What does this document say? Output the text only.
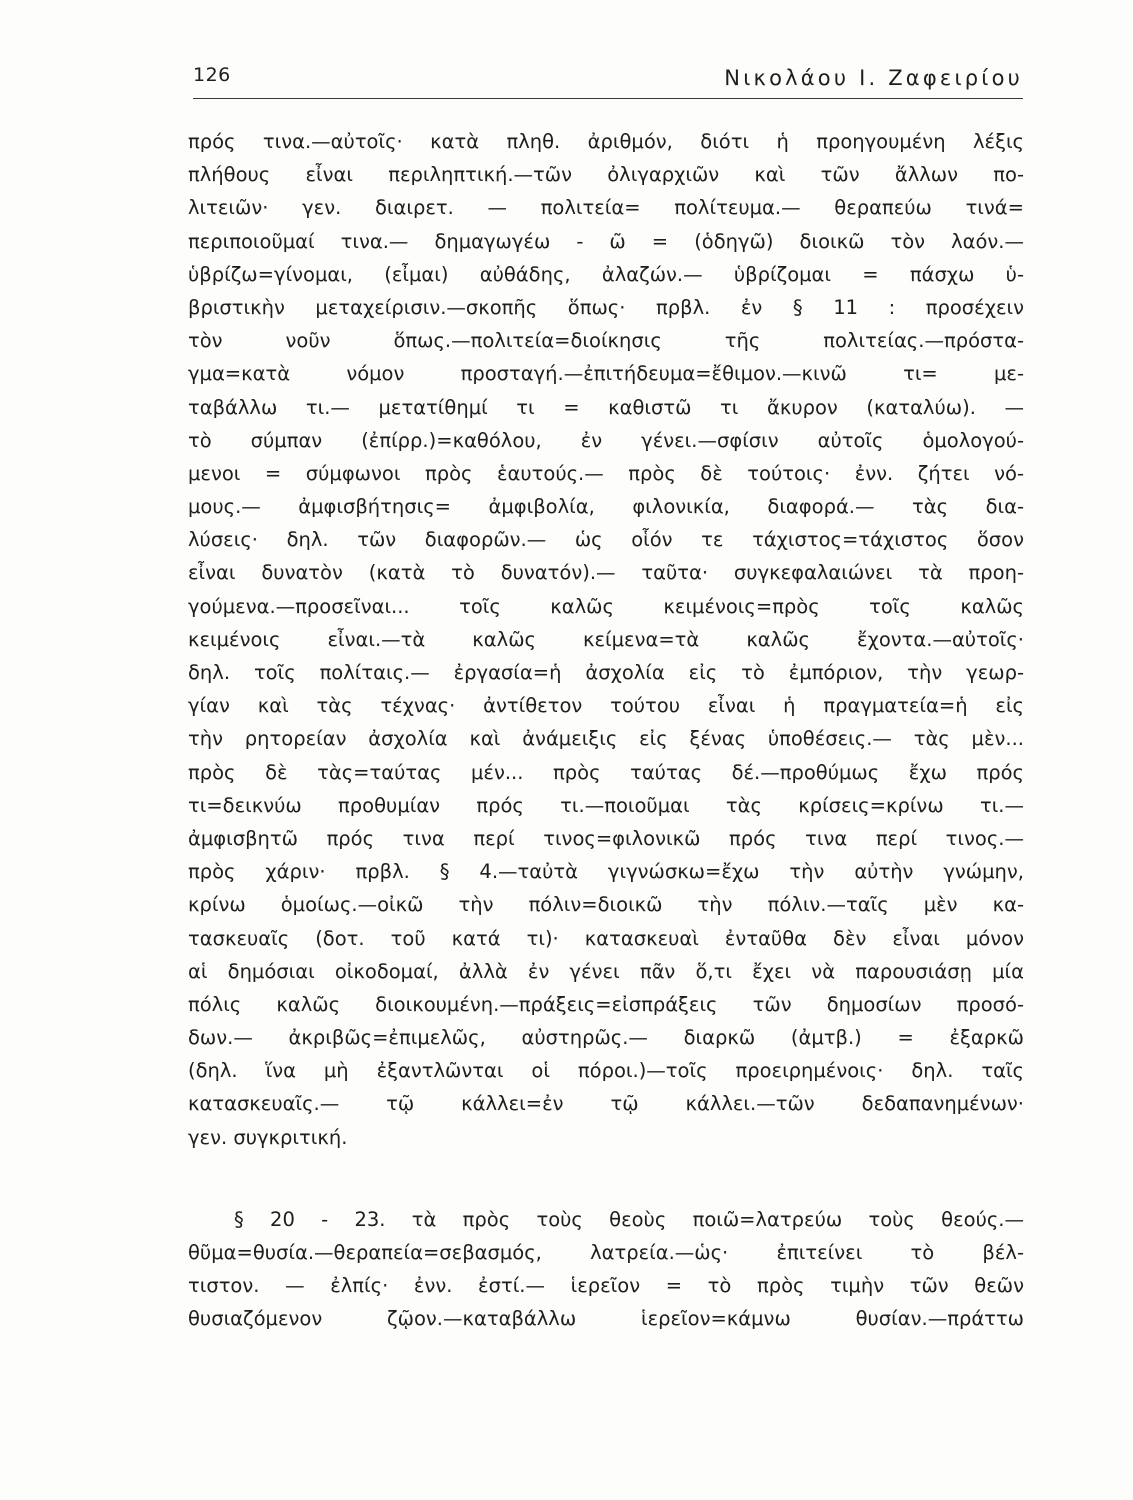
126	Νικολάου Ι. Ζαφειρίου
πρός τινα.—αὐτοῖς· κατὰ πληθ. ἀριθμόν, διότι ἡ προηγουμένη λέξις
πλήθους εἶναι περιληπτική.—τῶν ὀλιγαρχιῶν καὶ τῶν ἄλλων πο-
λιτειῶν· γεν. διαιρετ. — πολιτεία= πολίτευμα.— θεραπεύω τινά=
περιποιοῦμαί τινα.— δημαγωγέω - ῶ = (ὁδηγῶ) διοικῶ τὸν λαόν.—
ὑβρίζω=γίνομαι, (εἶμαι) αὐθάδης, ἀλαζών.— ὑβρίζομαι = πάσχω ὑ-
βριστικὴν μεταχείρισιν.—σκοπῆς ὅπως· πρβλ. ἐν § 11 : προσέχειν
τὸν νοῦν ὅπως.—πολιτεία=διοίκησις τῆς πολιτείας.—πρόστα-
γμα=κατὰ νόμον προσταγή.—ἐπιτήδευμα=ἔθιμον.—κινῶ τι= με-
ταβάλλω τι.— μετατίθημί τι = καθιστῶ τι ἄκυρον (καταλύω). —
τὸ σύμπαν (ἐπίρρ.)=καθόλου, ἐν γένει.—σφίσιν αὐτοῖς ὁμολογού-
μενοι = σύμφωνοι πρὸς ἑαυτούς.— πρὸς δὲ τούτοις· ἐνν. ζήτει νό-
μους.— ἀμφισβήτησις= ἀμφιβολία, φιλονικία, διαφορά.— τὰς δια-
λύσεις· δηλ. τῶν διαφορῶν.— ὡς οἷόν τε τάχιστος=τάχιστος ὅσον
εἶναι δυνατὸν (κατὰ τὸ δυνατόν).— ταῦτα· συγκεφαλαιώνει τὰ προη-
γούμενα.—προσεῖναι... τοῖς καλῶς κειμένοις=πρὸς τοῖς καλῶς
κειμένοις εἶναι.—τὰ καλῶς κείμενα=τὰ καλῶς ἔχοντα.—αὐτοῖς·
δηλ. τοῖς πολίταις.— ἐργασία=ἡ ἀσχολία εἰς τὸ ἐμπόριον, τὴν γεωρ-
γίαν καὶ τὰς τέχνας· ἀντίθετον τούτου εἶναι ἡ πραγματεία=ἡ εἰς
τὴν ρητορείαν ἀσχολία καὶ ἀνάμειξις εἰς ξένας ὑποθέσεις.— τὰς μὲν...
πρὸς δὲ τὰς=ταύτας μέν... πρὸς ταύτας δέ.—προθύμως ἔχω πρός
τι=δεικνύω προθυμίαν πρός τι.—ποιοῦμαι τὰς κρίσεις=κρίνω τι.—
ἀμφισβητῶ πρός τινα περί τινος=φιλονικῶ πρός τινα περί τινος.—
πρὸς χάριν· πρβλ. § 4.—ταὐτὰ γιγνώσκω=ἔχω τὴν αὐτὴν γνώμην,
κρίνω ὁμοίως.—οἰκῶ τὴν πόλιν=διοικῶ τὴν πόλιν.—ταῖς μὲν κα-
τασκευαῖς (δοτ. τοῦ κατά τι)· κατασκευαὶ ἐνταῦθα δὲν εἶναι μόνον
αἱ δημόσιαι οἰκοδομαί, ἀλλὰ ἐν γένει πᾶν ὅ,τι ἔχει νὰ παρουσιάσῃ μία
πόλις καλῶς διοικουμένη.—πράξεις=εἰσπράξεις τῶν δημοσίων προσό-
δων.— ἀκριβῶς=ἐπιμελῶς, αὐστηρῶς.— διαρκῶ (ἀμτβ.) = ἐξαρκῶ
(δηλ. ἵνα μὴ ἐξαντλῶνται οἱ πόροι.)—τοῖς προειρημένοις· δηλ. ταῖς
κατασκευαῖς.— τῷ κάλλει=ἐν τῷ κάλλει.—τῶν δεδαπανημένων·
γεν. συγκριτική.
§ 20 - 23. τὰ πρὸς τοὺς θεοὺς ποιῶ=λατρεύω τοὺς θεούς.—
θῦμα=θυσία.—θεραπεία=σεβασμός, λατρεία.—ὡς· ἐπιτείνει τὸ βέλ-
τιστον. — ἐλπίς· ἐνν. ἐστί.— ἱερεῖον = τὸ πρὸς τιμὴν τῶν θεῶν
θυσιαζόμενον ζῷον.—καταβάλλω ἱερεῖον=κάμνω θυσίαν.—πράττω
